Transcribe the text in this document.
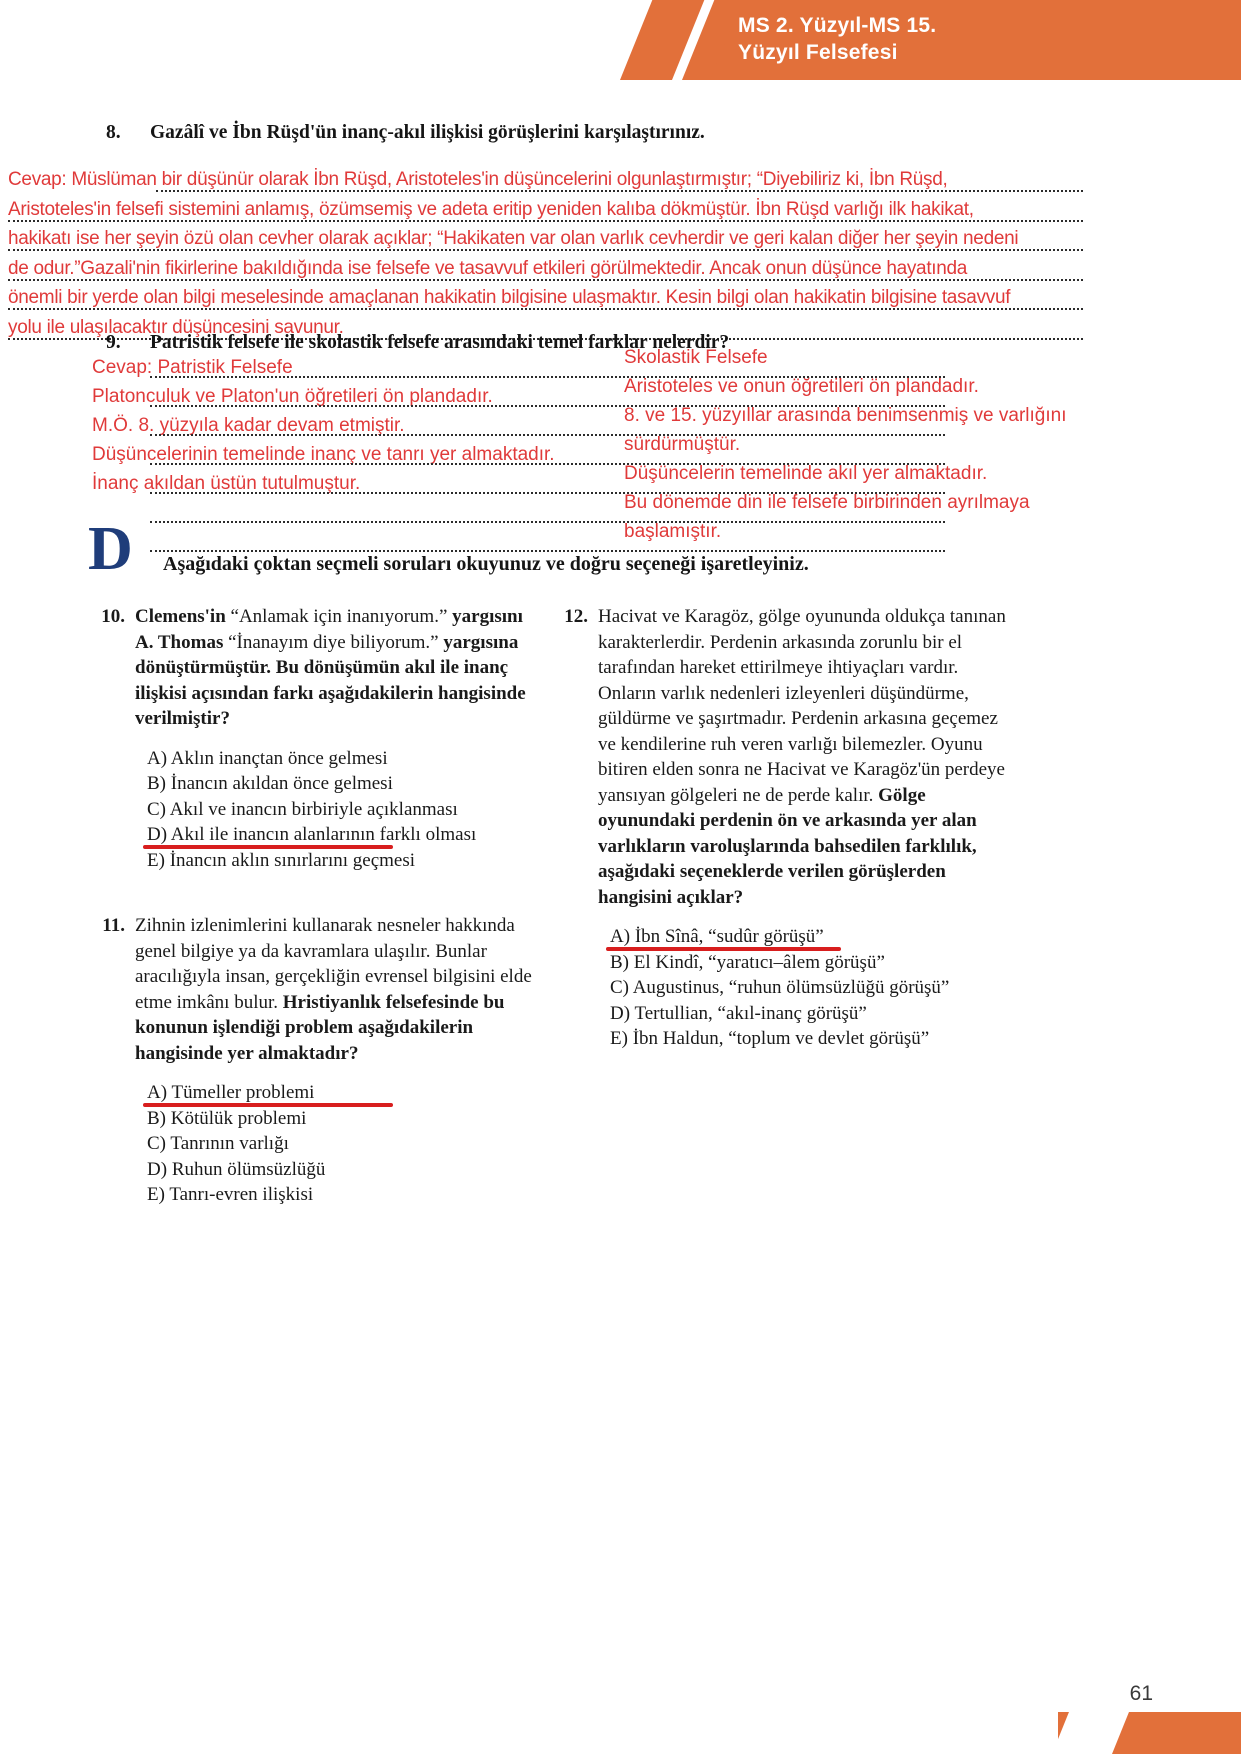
MS 2. Yüzyıl-MS 15.
Yüzyıl Felsefesi
8. Gazâlî ve İbn Rüşd'ün inanç-akıl ilişkisi görüşlerini karşılaştırınız.
Cevap: Müslüman bir düşünür olarak İbn Rüşd, Aristoteles'in düşüncelerini olgunlaştırmıştır; “Diyebiliriz ki, İbn Rüşd,
Aristoteles'in felsefi sistemini anlamış, özümsemiş ve adeta eritip yeniden kalıba dökmüştür. İbn Rüşd varlığı ilk hakikat,
hakikatı ise her şeyin özü olan cevher olarak açıklar; “Hakikaten var olan varlık cevherdir ve geri kalan diğer her şeyin nedeni
de odur.”Gazali'nin fikirlerine bakıldığında ise felsefe ve tasavvuf etkileri görülmektedir. Ancak onun düşünce hayatında
önemli bir yerde olan bilgi meselesinde amaçlanan hakikatin bilgisine ulaşmaktır. Kesin bilgi olan hakikatin bilgisine tasavvuf
yolu ile ulaşılacaktır düşüncesini savunur.
9. Patristik felsefe ile skolastik felsefe arasındaki temel farklar nelerdir?
Cevap: Patristik Felsefe
Platonculuk ve Platon'un öğretileri ön plandadır.
M.Ö. 8. yüzyıla kadar devam etmiştir.
Düşüncelerinin temelinde inanç ve tanrı yer almaktadır.
İnanç akıldan üstün tutulmuştur.
Skolastik Felsefe
Aristoteles ve onun öğretileri ön plandadır.
8. ve 15. yüzyıllar arasında benimsenmiş ve varlığını
sürdürmüştür.
Düşüncelerin temelinde akıl yer almaktadır.
Bu dönemde din ile felsefe birbirinden ayrılmaya
başlamıştır.
D Aşağıdaki çoktan seçmeli soruları okuyunuz ve doğru seçeneği işaretleyiniz.
10. Clemens'in “Anlamak için inanıyorum.” yargısını A. Thomas “İnanayım diye biliyorum.” yargısına dönüştürmüştür. Bu dönüşümün akıl ile inanç ilişkisi açısından farkı aşağıdakilerin hangisinde verilmiştir?
A) Aklın inançtan önce gelmesi
B) İnancın akıldan önce gelmesi
C) Akıl ve inancın birbiriyle açıklanması
D) Akıl ile inancın alanlarının farklı olması
E) İnancın aklın sınırlarını geçmesi
11. Zihnin izlenimlerini kullanarak nesneler hakkında genel bilgiye ya da kavramlara ulaşılır. Bunlar aracılığıyla insan, gerçekliğin evrensel bilgisini elde etme imkânı bulur. Hristiyanlık felsefesinde bu konunun işlendiği problem aşağıdakilerin hangisinde yer almaktadır?
A) Tümeller problemi
B) Kötülük problemi
C) Tanrının varlığı
D) Ruhun ölümsüzlüğü
E) Tanrı-evren ilişkisi
12. Hacivat ve Karagöz, gölge oyununda oldukça tanınan karakterlerdir. Perdenin arkasında zorunlu bir el tarafından hareket ettirilmeye ihtiyaçları vardır. Onların varlık nedenleri izleyenleri düşündürme, güldürme ve şaşırtmadır. Perdenin arkasına geçemez ve kendilerine ruh veren varlığı bilemezler. Oyunu bitiren elden sonra ne Hacivat ve Karagöz'ün perdeye yansıyan gölgeleri ne de perde kalır. Gölge oyunundaki perdenin ön ve arkasında yer alan varlıkların varoluşlarında bahsedilen farklılık, aşağıdaki seçeneklerde verilen görüşlerden hangisini açıklar?
A) İbn Sînâ, “sudûr görüşü”
B) El Kindî, “yaratıcı–âlem görüşü”
C) Augustinus, “ruhun ölümsüzlüğü görüşü”
D) Tertullian, “akıl-inanç görüşü”
E) İbn Haldun, “toplum ve devlet görüşü”
61
